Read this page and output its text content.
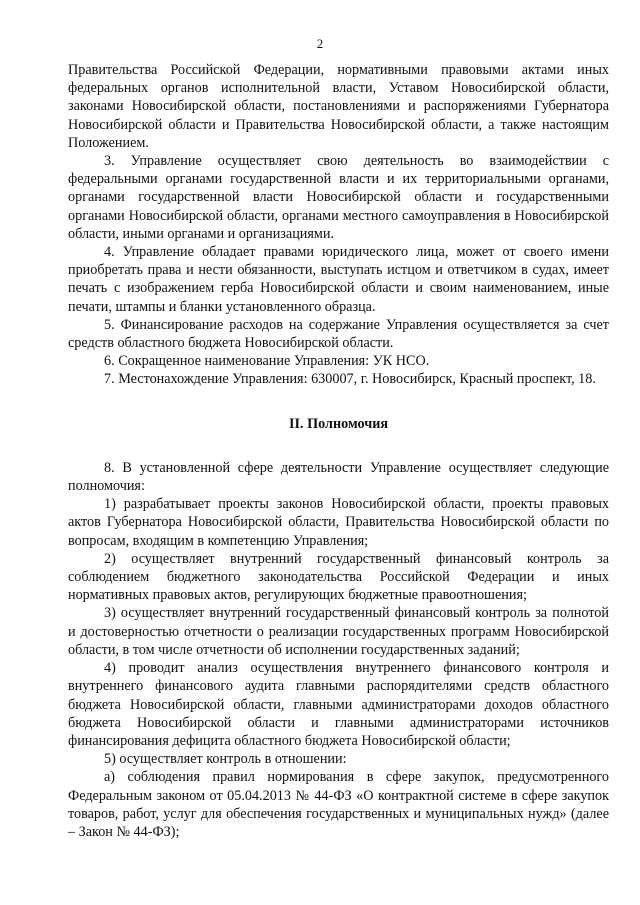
2

Правительства Российской Федерации, нормативными правовыми актами иных федеральных органов исполнительной власти, Уставом Новосибирской области, законами Новосибирской области, постановлениями и распоряжениями Губернатора Новосибирской области и Правительства Новосибирской области, а также настоящим Положением.

3. Управление осуществляет свою деятельность во взаимодействии с федеральными органами государственной власти и их территориальными органами, органами государственной власти Новосибирской области и государственными органами Новосибирской области, органами местного самоуправления в Новосибирской области, иными органами и организациями.

4. Управление обладает правами юридического лица, может от своего имени приобретать права и нести обязанности, выступать истцом и ответчиком в судах, имеет печать с изображением герба Новосибирской области и своим наименованием, иные печати, штампы и бланки установленного образца.

5. Финансирование расходов на содержание Управления осуществляется за счет средств областного бюджета Новосибирской области.

6. Сокращенное наименование Управления: УК НСО.

7. Местонахождение Управления: 630007, г. Новосибирск, Красный проспект, 18.

II. Полномочия

8. В установленной сфере деятельности Управление осуществляет следующие полномочия:

1) разрабатывает проекты законов Новосибирской области, проекты правовых актов Губернатора Новосибирской области, Правительства Новосибирской области по вопросам, входящим в компетенцию Управления;

2) осуществляет внутренний государственный финансовый контроль за соблюдением бюджетного законодательства Российской Федерации и иных нормативных правовых актов, регулирующих бюджетные правоотношения;

3) осуществляет внутренний государственный финансовый контроль за полнотой и достоверностью отчетности о реализации государственных программ Новосибирской области, в том числе отчетности об исполнении государственных заданий;

4) проводит анализ осуществления внутреннего финансового контроля и внутреннего финансового аудита главными распорядителями средств областного бюджета Новосибирской области, главными администраторами доходов областного бюджета Новосибирской области и главными администраторами источников финансирования дефицита областного бюджета Новосибирской области;

5) осуществляет контроль в отношении:

а) соблюдения правил нормирования в сфере закупок, предусмотренного Федеральным законом от 05.04.2013 № 44-ФЗ «О контрактной системе в сфере закупок товаров, работ, услуг для обеспечения государственных и муниципальных нужд» (далее – Закон № 44-ФЗ);
